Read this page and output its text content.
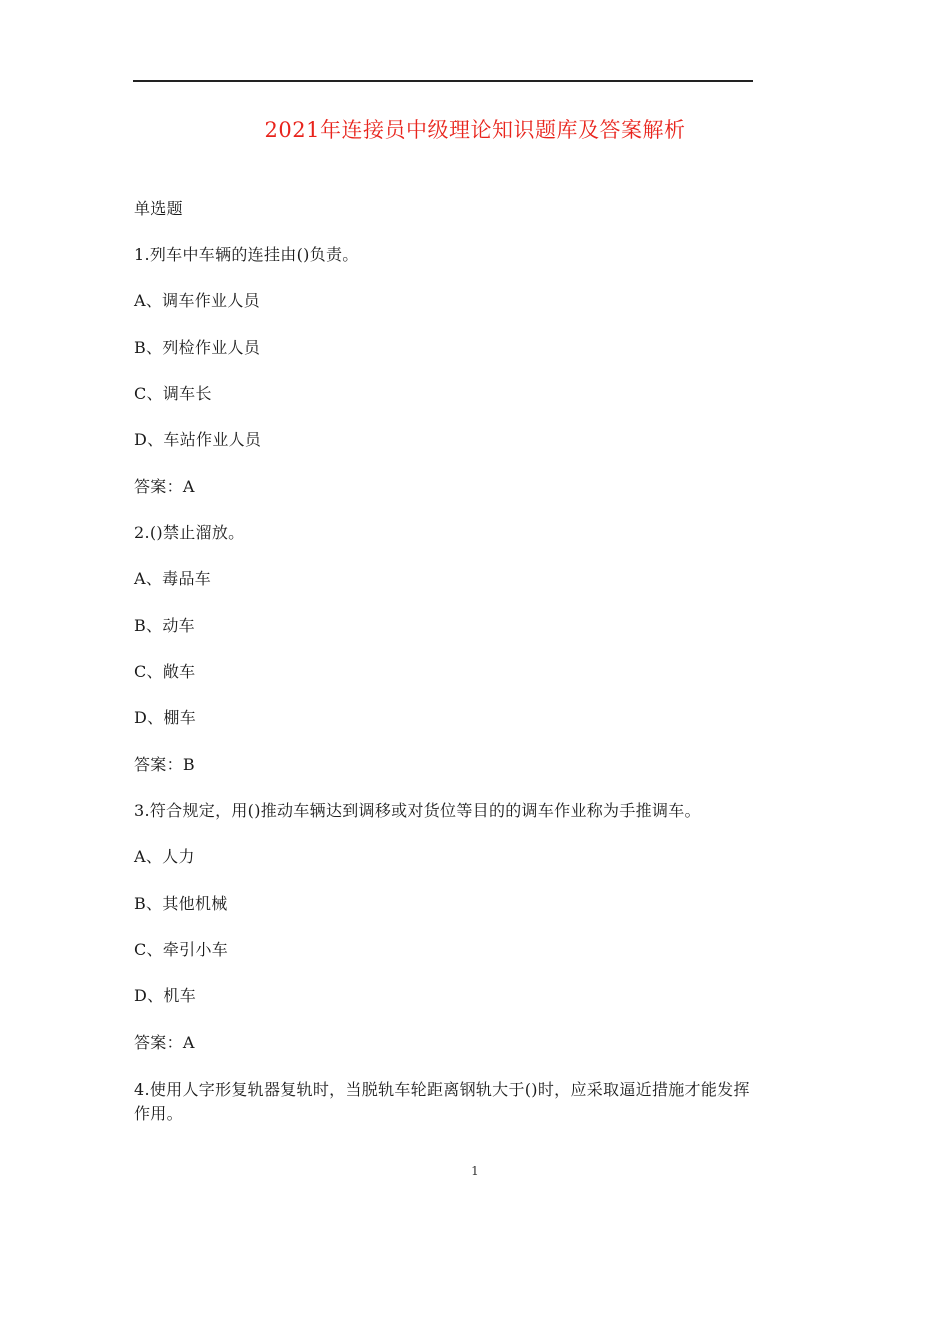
2021年连接员中级理论知识题库及答案解析
单选题
1.列车中车辆的连挂由()负责。
A、调车作业人员
B、列检作业人员
C、调车长
D、车站作业人员
答案：A
2.()禁止溜放。
A、毒品车
B、动车
C、敞车
D、棚车
答案：B
3.符合规定，用()推动车辆达到调移或对货位等目的的调车作业称为手推调车。
A、人力
B、其他机械
C、牵引小车
D、机车
答案：A
4.使用人字形复轨器复轨时，当脱轨车轮距离钢轨大于()时，应采取逼近措施才能发挥作用。
1
